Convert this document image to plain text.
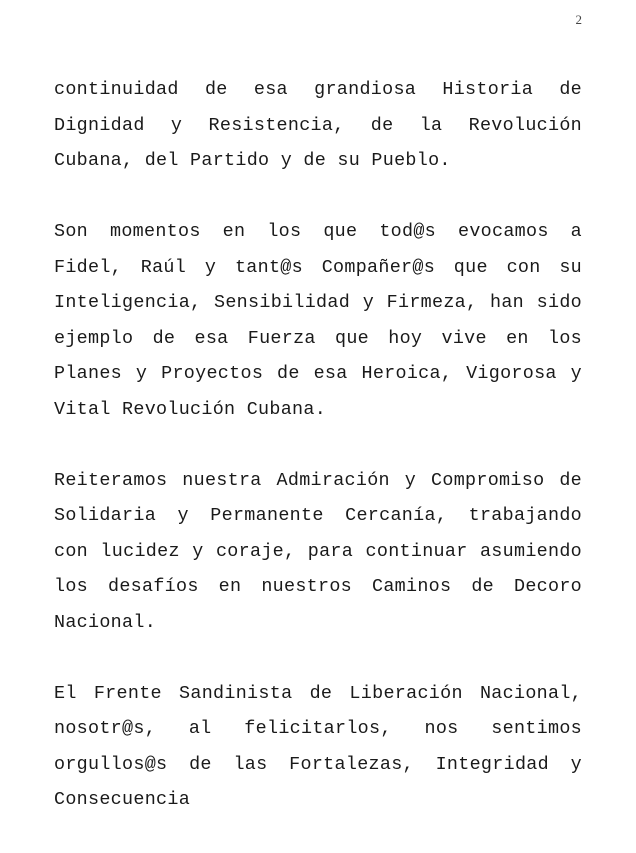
2

continuidad de esa grandiosa Historia de Dignidad y Resistencia, de la Revolución Cubana, del Partido y de su Pueblo.

Son momentos en los que tod@s evocamos a Fidel, Raúl y tant@s Compañer@s que con su Inteligencia, Sensibilidad y Firmeza, han sido ejemplo de esa Fuerza que hoy vive en los Planes y Proyectos de esa Heroica, Vigorosa y Vital Revolución Cubana.

Reiteramos nuestra Admiración y Compromiso de Solidaria y Permanente Cercanía, trabajando con lucidez y coraje, para continuar asumiendo los desafíos en nuestros Caminos de Decoro Nacional.

El Frente Sandinista de Liberación Nacional, nosotr@s, al felicitarlos, nos sentimos orgullos@s de las Fortalezas, Integridad y Consecuencia
